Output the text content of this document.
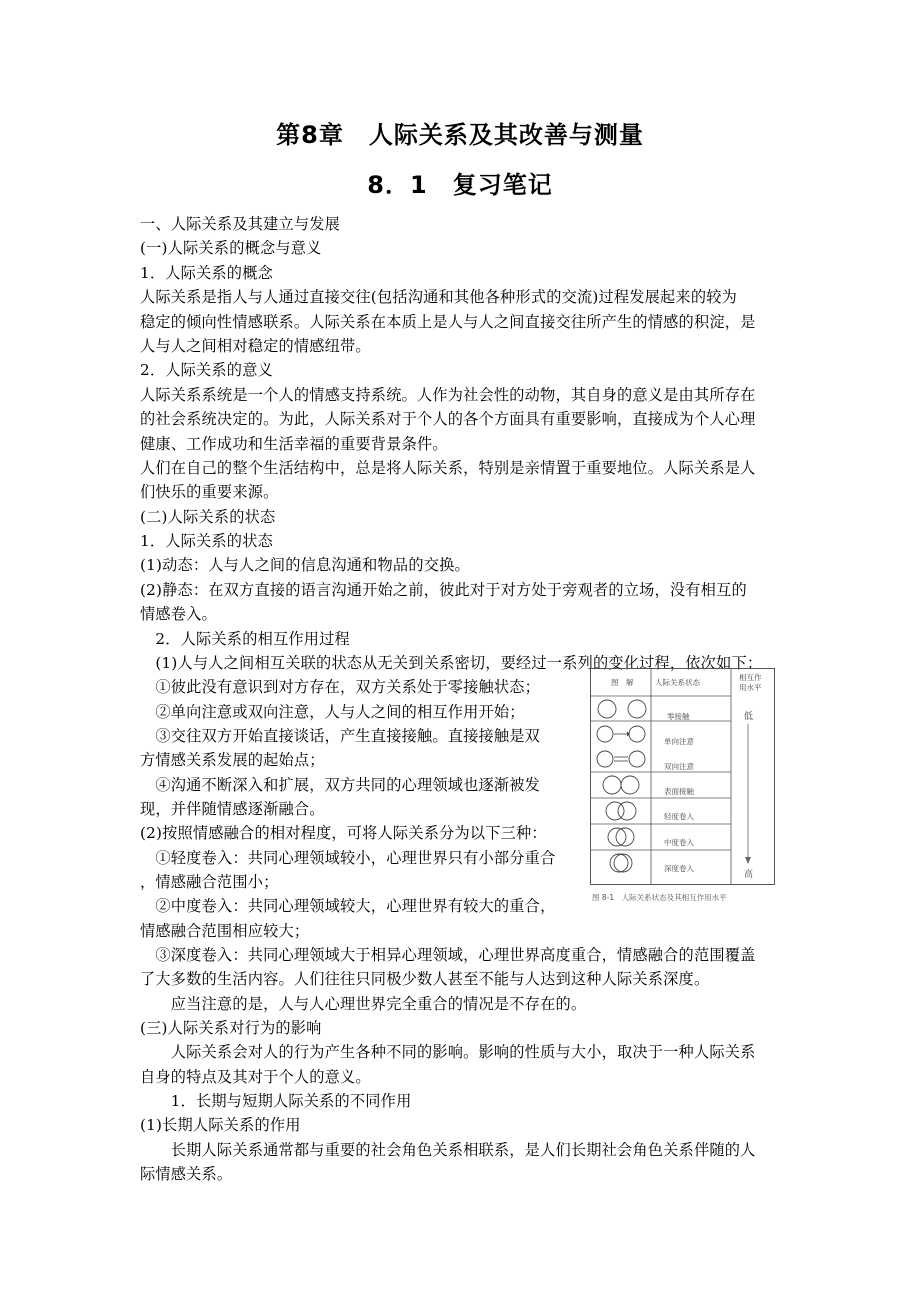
第8章　人际关系及其改善与测量
8．1　复习笔记
一、人际关系及其建立与发展
(一)人际关系的概念与意义
1．人际关系的概念
人际关系是指人与人通过直接交往(包括沟通和其他各种形式的交流)过程发展起来的较为
稳定的倾向性情感联系。人际关系在本质上是人与人之间直接交往所产生的情感的积淀，是
人与人之间相对稳定的情感纽带。
2．人际关系的意义
人际关系系统是一个人的情感支持系统。人作为社会性的动物，其自身的意义是由其所存在
的社会系统决定的。为此，人际关系对于个人的各个方面具有重要影响，直接成为个人心理
健康、工作成功和生活幸福的重要背景条件。
人们在自己的整个生活结构中，总是将人际关系，特别是亲情置于重要地位。人际关系是人
们快乐的重要来源。
(二)人际关系的状态
1．人际关系的状态
(1)动态：人与人之间的信息沟通和物品的交换。
(2)静态：在双方直接的语言沟通开始之前，彼此对于对方处于旁观者的立场，没有相互的
情感卷入。
　2．人际关系的相互作用过程
　(1)人与人之间相互关联的状态从无关到关系密切，要经过一系列的变化过程，依次如下：
　①彼此没有意识到对方存在，双方关系处于零接触状态；
　②单向注意或双向注意，人与人之间的相互作用开始；
　③交往双方开始直接谈话，产生直接接触。直接接触是双
方情感关系发展的起始点；
　④沟通不断深入和扩展，双方共同的心理领域也逐渐被发
现，并伴随情感逐渐融合。
(2)按照情感融合的相对程度，可将人际关系分为以下三种：
　①轻度卷入：共同心理领域较小，心理世界只有小部分重合
，情感融合范围小；
　②中度卷入：共同心理领域较大，心理世界有较大的重合，
情感融合范围相应较大；
　③深度卷入：共同心理领域大于相异心理领域，心理世界高度重合，情感融合的范围覆盖
了大多数的生活内容。人们往往只同极少数人甚至不能与人达到这种人际关系深度。
　　应当注意的是，人与人心理世界完全重合的情况是不存在的。
(三)人际关系对行为的影响
　　人际关系会对人的行为产生各种不同的影响。影响的性质与大小，取决于一种人际关系
自身的特点及其对于个人的意义。
　　1．长期与短期人际关系的不同作用
(1)长期人际关系的作用
　　长期人际关系通常都与重要的社会角色关系相联系，是人们长期社会角色关系伴随的人
际情感关系。
图　解	人际关系状态
相互作
用水平
零接触
单向注意
双向注意
表面接触
轻度卷入
中度卷入
深度卷入
低
高
图 8-1　人际关系状态及其相互作用水平
